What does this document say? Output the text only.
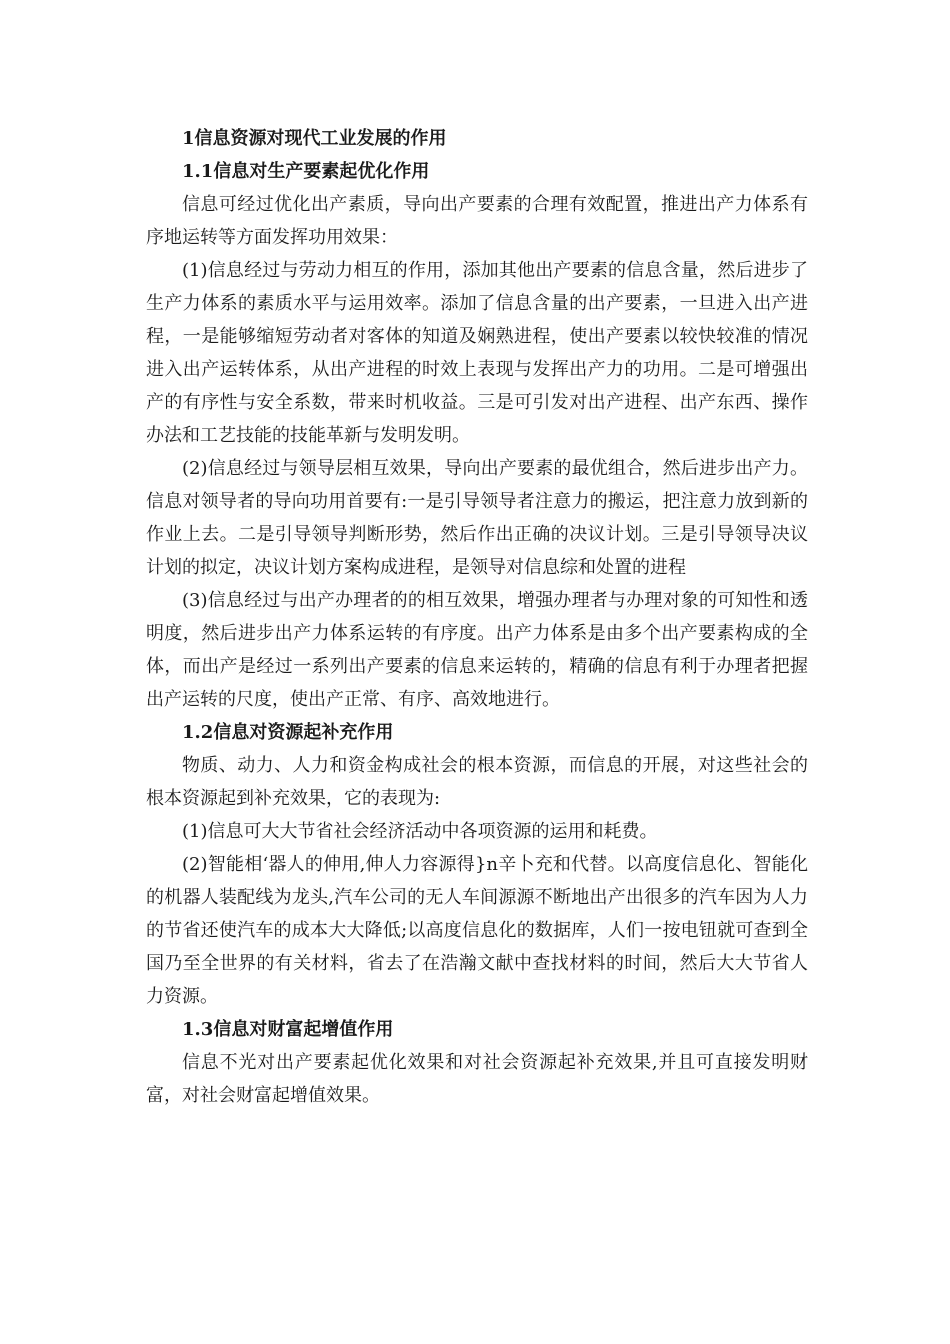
1信息资源对现代工业发展的作用
1.1信息对生产要素起优化作用

信息可经过优化出产素质，导向出产要素的合理有效配置，推进出产力体系有序地运转等方面发挥功用效果：

(1)信息经过与劳动力相互的作用，添加其他出产要素的信息含量，然后进步了生产力体系的素质水平与运用效率。添加了信息含量的出产要素，一旦进入出产进程，一是能够缩短劳动者对客体的知道及娴熟进程，使出产要素以较快较准的情况进入出产运转体系，从出产进程的时效上表现与发挥出产力的功用。二是可增强出产的有序性与安全系数，带来时机收益。三是可引发对出产进程、出产东西、操作办法和工艺技能的技能革新与发明发明。

(2)信息经过与领导层相互效果，导向出产要素的最优组合，然后进步出产力。信息对领导者的导向功用首要有:一是引导领导者注意力的搬运，把注意力放到新的作业上去。二是引导领导判断形势，然后作出正确的决议计划。三是引导领导决议计划的拟定，决议计划方案构成进程，是领导对信息综和处置的进程

(3)信息经过与出产办理者的的相互效果，增强办理者与办理对象的可知性和透明度，然后进步出产力体系运转的有序度。出产力体系是由多个出产要素构成的全体，而出产是经过一系列出产要素的信息来运转的，精确的信息有利于办理者把握出产运转的尺度，使出产正常、有序、高效地进行。

1.2信息对资源起补充作用

物质、动力、人力和资金构成社会的根本资源，而信息的开展，对这些社会的根本资源起到补充效果，它的表现为:

(1)信息可大大节省社会经济活动中各项资源的运用和耗费。

(2)智能相‘器人的伸用,伸人力容源得}n辛卜充和代替。以高度信息化、智能化的机器人装配线为龙头,汽车公司的无人车间源源不断地出产出很多的汽车因为人力的节省还使汽车的成本大大降低;以高度信息化的数据库，人们一按电钮就可查到全国乃至全世界的有关材料，省去了在浩瀚文献中查找材料的时间，然后大大节省人力资源。

1.3信息对财富起增值作用

信息不光对出产要素起优化效果和对社会资源起补充效果,并且可直接发明财富，对社会财富起增值效果。
